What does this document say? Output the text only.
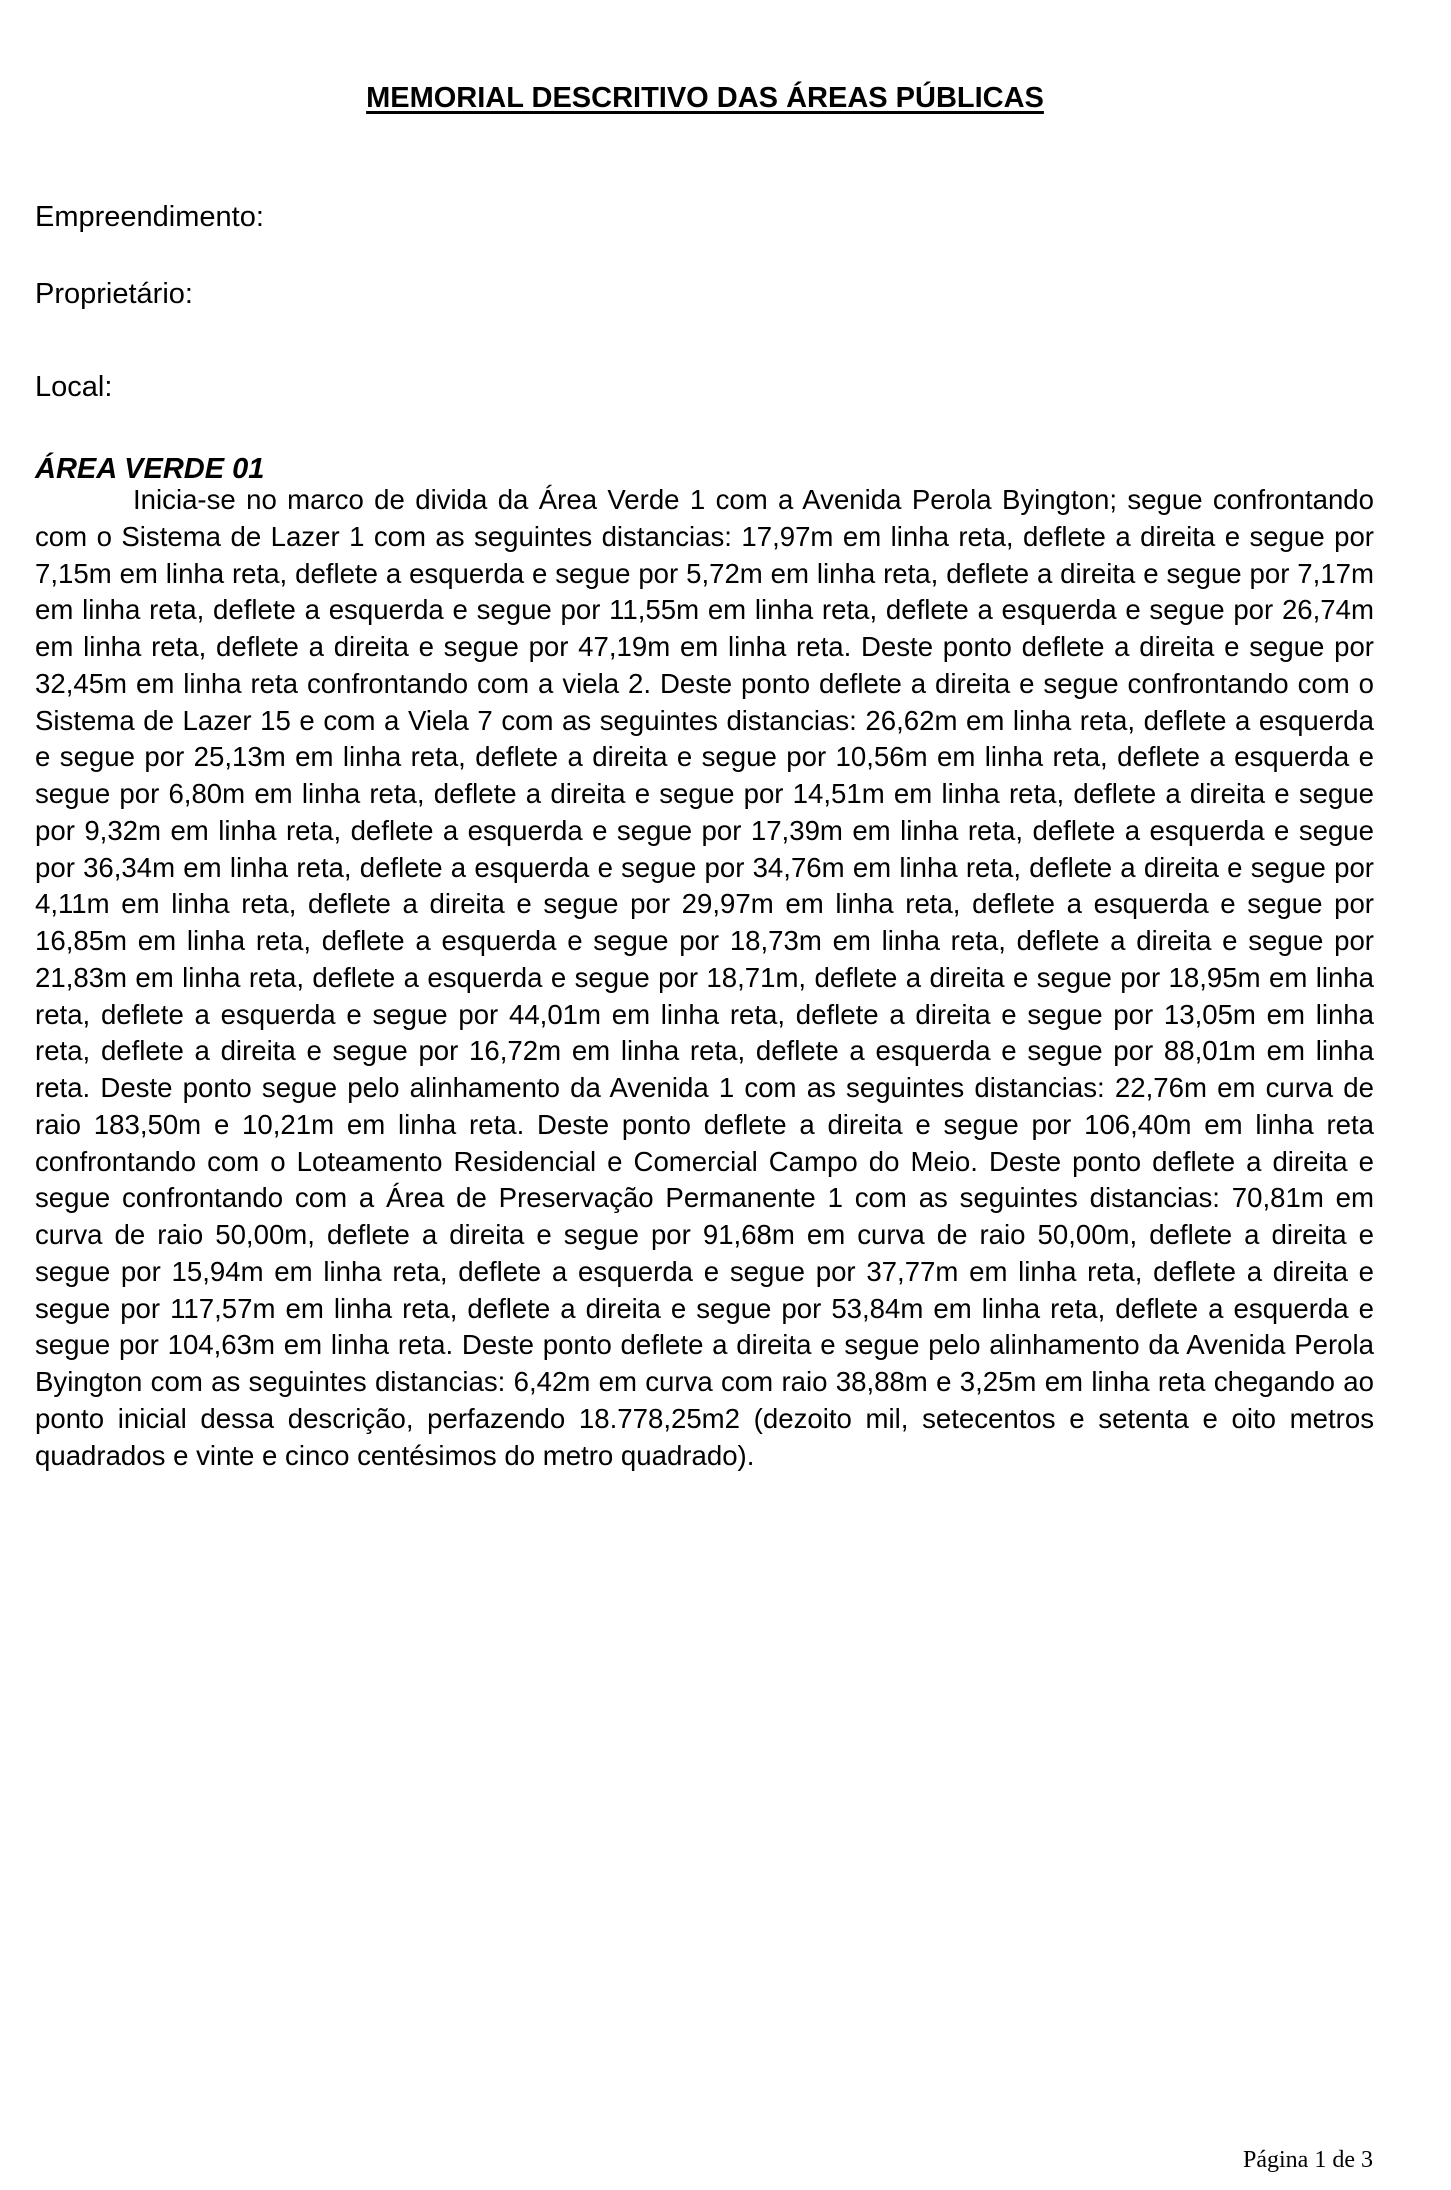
MEMORIAL DESCRITIVO DAS ÁREAS PÚBLICAS

Empreendimento:

Proprietário:

Local:

ÁREA VERDE 01

Inicia-se no marco de divida da Área Verde 1 com a Avenida Perola Byington; segue confrontando com o Sistema de Lazer 1 com as seguintes distancias: 17,97m em linha reta, deflete a direita e segue por 7,15m em linha reta, deflete a esquerda e segue por 5,72m em linha reta, deflete a direita e segue por 7,17m em linha reta, deflete a esquerda e segue por 11,55m em linha reta, deflete a esquerda e segue por 26,74m em linha reta, deflete a direita e segue por 47,19m em linha reta. Deste ponto deflete a direita e segue por 32,45m em linha reta confrontando com a viela 2. Deste ponto deflete a direita e segue confrontando com o Sistema de Lazer 15 e com a Viela 7 com as seguintes distancias: 26,62m em linha reta, deflete a esquerda e segue por 25,13m em linha reta, deflete a direita e segue por 10,56m em linha reta, deflete a esquerda e segue por 6,80m em linha reta, deflete a direita e segue por 14,51m em linha reta, deflete a direita e segue por 9,32m em linha reta, deflete a esquerda e segue por 17,39m em linha reta, deflete a esquerda e segue por 36,34m em linha reta, deflete a esquerda e segue por 34,76m em linha reta, deflete a direita e segue por 4,11m em linha reta, deflete a direita e segue por 29,97m em linha reta, deflete a esquerda e segue por 16,85m em linha reta, deflete a esquerda e segue por 18,73m em linha reta, deflete a direita e segue por 21,83m em linha reta, deflete a esquerda e segue por 18,71m, deflete a direita e segue por 18,95m em linha reta, deflete a esquerda e segue por 44,01m em linha reta, deflete a direita e segue por 13,05m em linha reta, deflete a direita e segue por 16,72m em linha reta, deflete a esquerda e segue por 88,01m em linha reta. Deste ponto segue pelo alinhamento da Avenida 1 com as seguintes distancias: 22,76m em curva de raio 183,50m e 10,21m em linha reta. Deste ponto deflete a direita e segue por 106,40m em linha reta confrontando com o Loteamento Residencial e Comercial Campo do Meio. Deste ponto deflete a direita e segue confrontando com a Área de Preservação Permanente 1 com as seguintes distancias: 70,81m em curva de raio 50,00m, deflete a direita e segue por 91,68m em curva de raio 50,00m, deflete a direita e segue por 15,94m em linha reta, deflete a esquerda e segue por 37,77m em linha reta, deflete a direita e segue por 117,57m em linha reta, deflete a direita e segue por 53,84m em linha reta, deflete a esquerda e segue por 104,63m em linha reta. Deste ponto deflete a direita e segue pelo alinhamento da Avenida Perola Byington com as seguintes distancias: 6,42m em curva com raio 38,88m e 3,25m em linha reta chegando ao ponto inicial dessa descrição, perfazendo 18.778,25m2 (dezoito mil, setecentos e setenta e oito metros quadrados e vinte e cinco centésimos do metro quadrado).

Página 1 de 3
